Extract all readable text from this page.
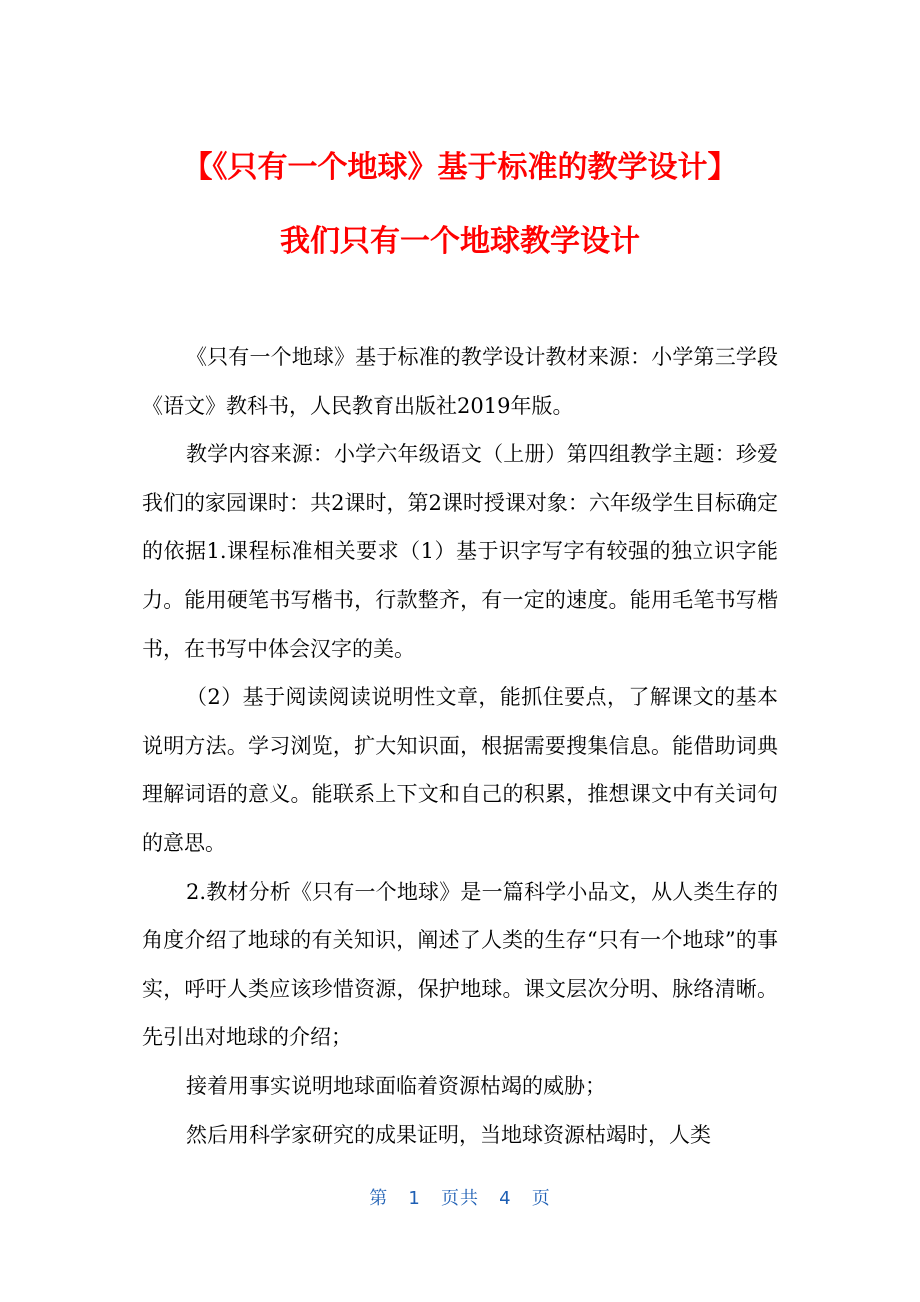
【《只有一个地球》基于标准的教学设计】
我们只有一个地球教学设计

《只有一个地球》基于标准的教学设计教材来源：小学第三学段《语文》教科书，人民教育出版社2019年版。

教学内容来源：小学六年级语文（上册）第四组教学主题：珍爱我们的家园课时：共2课时，第2课时授课对象：六年级学生目标确定的依据1.课程标准相关要求（1）基于识字写字有较强的独立识字能力。能用硬笔书写楷书，行款整齐，有一定的速度。能用毛笔书写楷书，在书写中体会汉字的美。

（2）基于阅读阅读说明性文章，能抓住要点，了解课文的基本说明方法。学习浏览，扩大知识面，根据需要搜集信息。能借助词典理解词语的意义。能联系上下文和自己的积累，推想课文中有关词句的意思。

2.教材分析《只有一个地球》是一篇科学小品文，从人类生存的角度介绍了地球的有关知识，阐述了人类的生存“只有一个地球”的事实，呼吁人类应该珍惜资源，保护地球。课文层次分明、脉络清晰。先引出对地球的介绍；

接着用事实说明地球面临着资源枯竭的威胁；

然后用科学家研究的成果证明，当地球资源枯竭时，人类

第 1 页共 4 页
